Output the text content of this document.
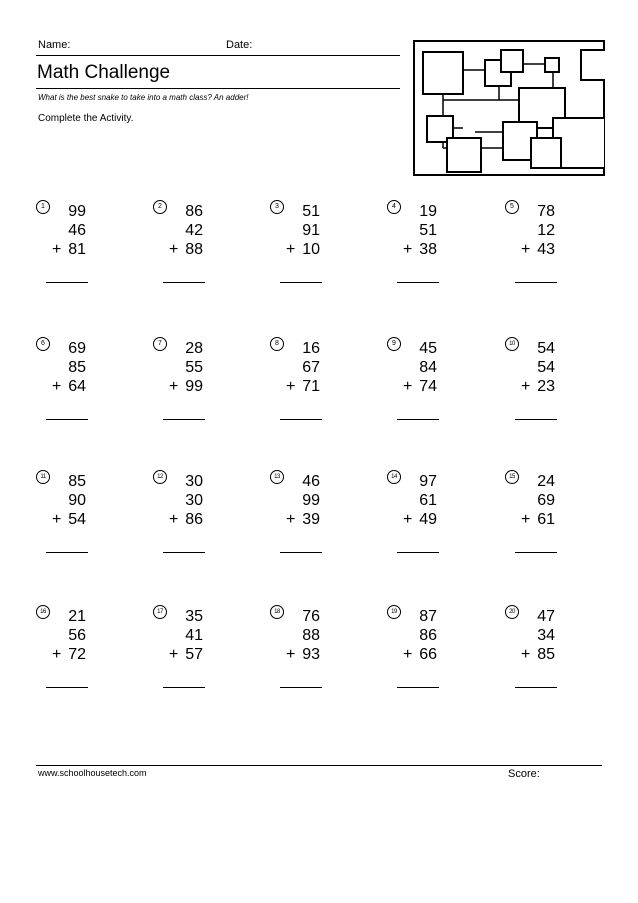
Name:	Date:
Math Challenge
What is the best snake to take into a math class? An adder!
Complete the Activity.
1	99
46
+ 81
2	86
42
+ 88
3	51
91
+ 10
4	19
51
+ 38
5	78
12
+ 43
6	69
85
+ 64
7	28
55
+ 99
8	16
67
+ 71
9	45
84
+ 74
10 54
54
+ 23
11 85
90
+ 54
12 30
30
+ 86
13 46
99
+ 39
14 97
61
+ 49
15 24
69
+ 61
16 21
56
+ 72
17 35
41
+ 57
18 76
88
+ 93
19 87
86
+ 66
20 47
34
+ 85
www.schoolhousetech.com	Score:
